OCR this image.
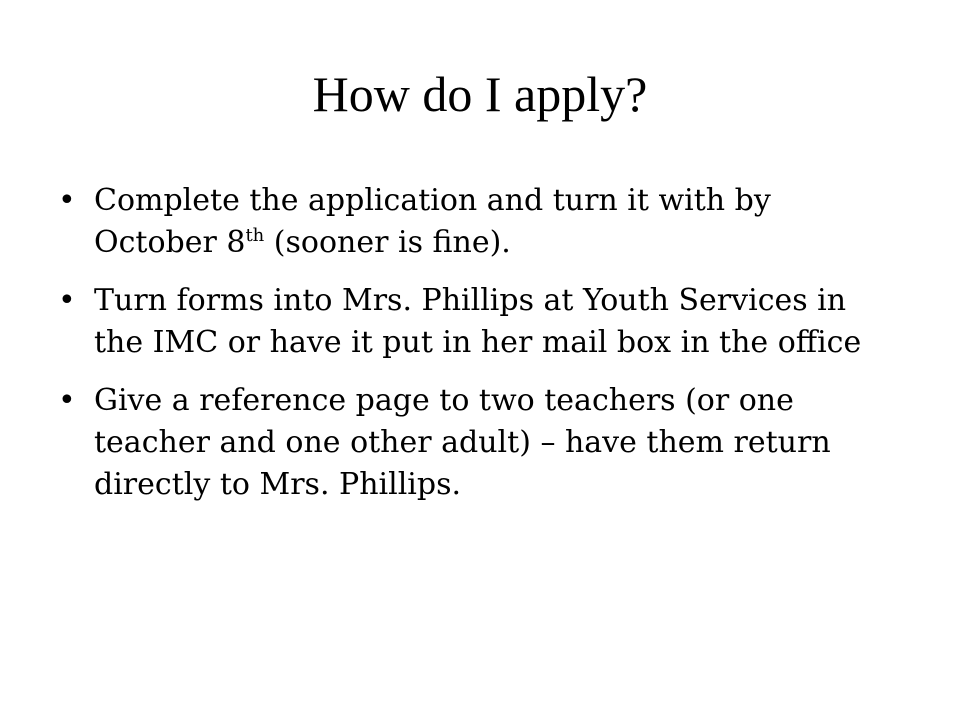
How do I apply?
• Complete the application and turn it with by October 8th (sooner is fine).
• Turn forms into Mrs. Phillips at Youth Services in the IMC or have it put in her mail box in the office
• Give a reference page to two teachers (or one teacher and one other adult) – have them return directly to Mrs. Phillips.
